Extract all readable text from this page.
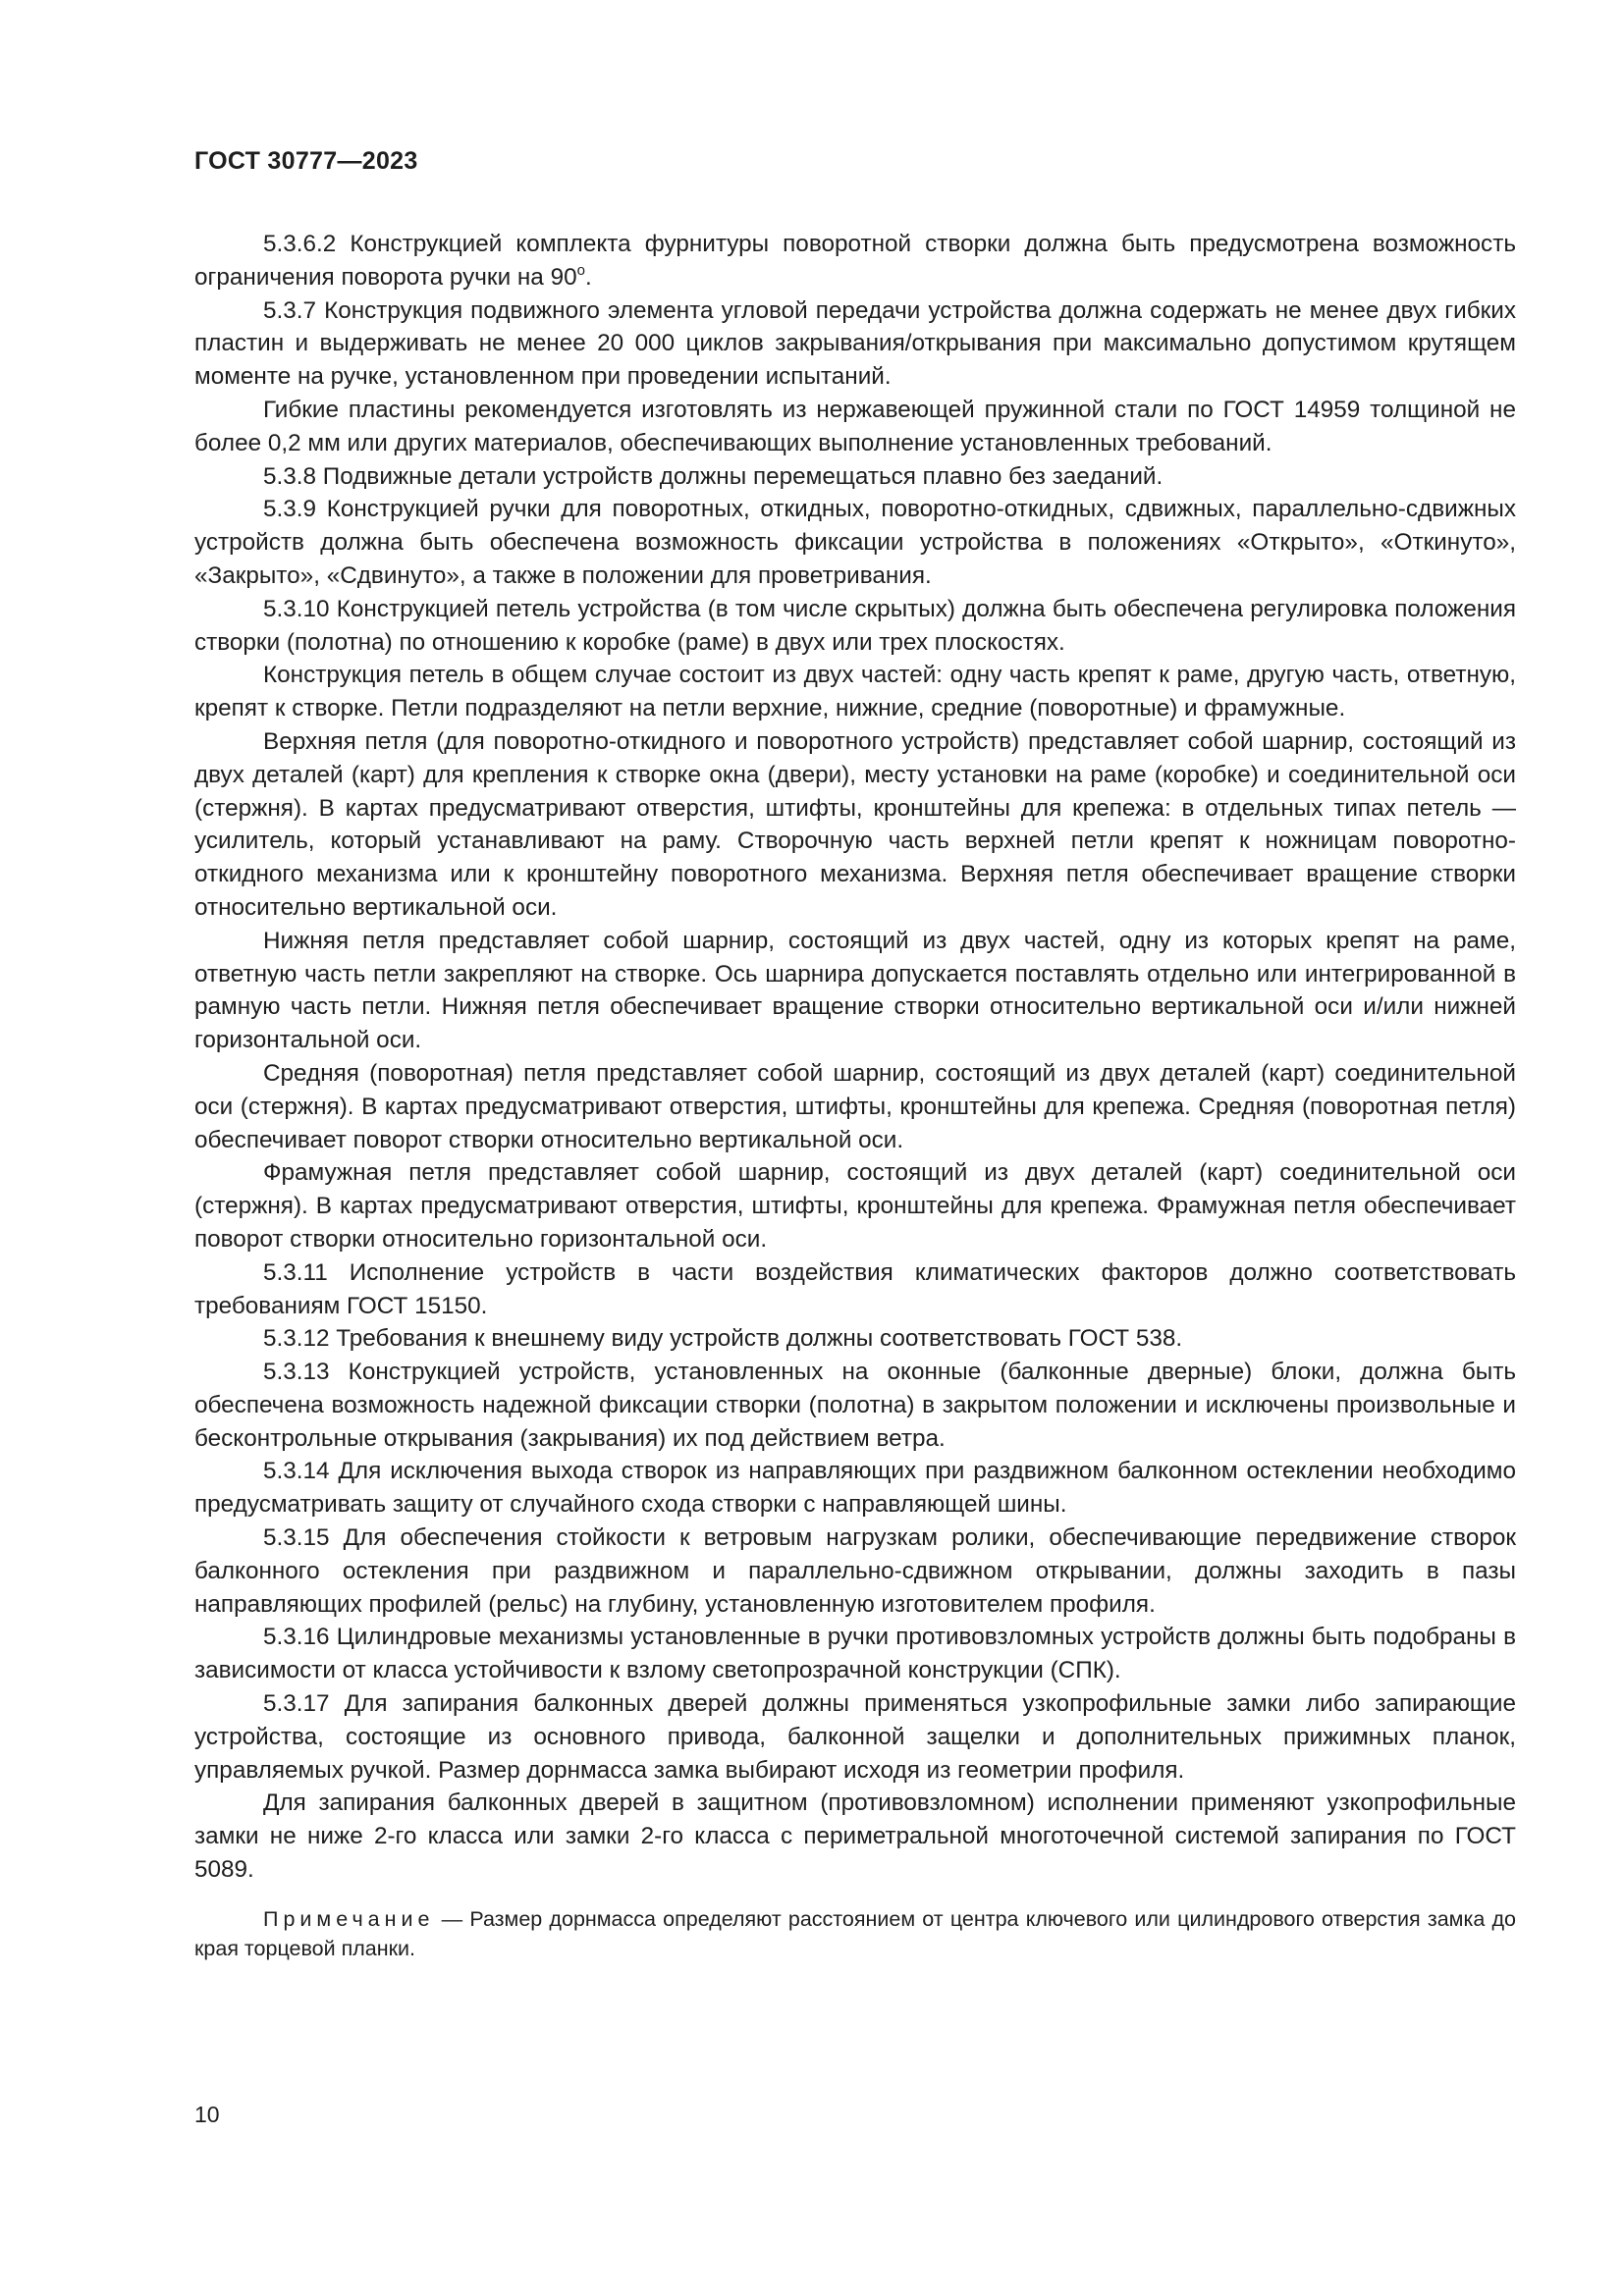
ГОСТ 30777—2023

5.3.6.2 Конструкцией комплекта фурнитуры поворотной створки должна быть предусмотрена возможность ограничения поворота ручки на $90^о$.

5.3.7 Конструкция подвижного элемента угловой передачи устройства должна содержать не менее двух гибких пластин и выдерживать не менее 20 000 циклов закрывания/открывания при максимально допустимом крутящем моменте на ручке, установленном при проведении испытаний.

Гибкие пластины рекомендуется изготовлять из нержавеющей пружинной стали по ГОСТ 14959 толщиной не более 0,2 мм или других материалов, обеспечивающих выполнение установленных требований.

5.3.8 Подвижные детали устройств должны перемещаться плавно без заеданий.

5.3.9 Конструкцией ручки для поворотных, откидных, поворотно-откидных, сдвижных, параллельно-сдвижных устройств должна быть обеспечена возможность фиксации устройства в положениях «Открыто», «Откинуто», «Закрыто», «Сдвинуто», а также в положении для проветривания.

5.3.10 Конструкцией петель устройства (в том числе скрытых) должна быть обеспечена регулировка положения створки (полотна) по отношению к коробке (раме) в двух или трех плоскостях.

Конструкция петель в общем случае состоит из двух частей: одну часть крепят к раме, другую часть, ответную, крепят к створке. Петли подразделяют на петли верхние, нижние, средние (поворотные) и фрамужные.

Верхняя петля (для поворотно-откидного и поворотного устройств) представляет собой шарнир, состоящий из двух деталей (карт) для крепления к створке окна (двери), месту установки на раме (коробке) и соединительной оси (стержня). В картах предусматривают отверстия, штифты, кронштейны для крепежа: в отдельных типах петель — усилитель, который устанавливают на раму. Створочную часть верхней петли крепят к ножницам поворотно-откидного механизма или к кронштейну поворотного механизма. Верхняя петля обеспечивает вращение створки относительно вертикальной оси.

Нижняя петля представляет собой шарнир, состоящий из двух частей, одну из которых крепят на раме, ответную часть петли закрепляют на створке. Ось шарнира допускается поставлять отдельно или интегрированной в рамную часть петли. Нижняя петля обеспечивает вращение створки относительно вертикальной оси и/или нижней горизонтальной оси.

Средняя (поворотная) петля представляет собой шарнир, состоящий из двух деталей (карт) соединительной оси (стержня). В картах предусматривают отверстия, штифты, кронштейны для крепежа. Средняя (поворотная петля) обеспечивает поворот створки относительно вертикальной оси.

Фрамужная петля представляет собой шарнир, состоящий из двух деталей (карт) соединительной оси (стержня). В картах предусматривают отверстия, штифты, кронштейны для крепежа. Фрамужная петля обеспечивает поворот створки относительно горизонтальной оси.

5.3.11 Исполнение устройств в части воздействия климатических факторов должно соответствовать требованиям ГОСТ 15150.

5.3.12 Требования к внешнему виду устройств должны соответствовать ГОСТ 538.

5.3.13 Конструкцией устройств, установленных на оконные (балконные дверные) блоки, должна быть обеспечена возможность надежной фиксации створки (полотна) в закрытом положении и исключены произвольные и бесконтрольные открывания (закрывания) их под действием ветра.

5.3.14 Для исключения выхода створок из направляющих при раздвижном балконном остеклении необходимо предусматривать защиту от случайного схода створки с направляющей шины.

5.3.15 Для обеспечения стойкости к ветровым нагрузкам ролики, обеспечивающие передвижение створок балконного остекления при раздвижном и параллельно-сдвижном открывании, должны заходить в пазы направляющих профилей (рельс) на глубину, установленную изготовителем профиля.

5.3.16 Цилиндровые механизмы установленные в ручки противовзломных устройств должны быть подобраны в зависимости от класса устойчивости к взлому светопрозрачной конструкции (СПК).

5.3.17 Для запирания балконных дверей должны применяться узкопрофильные замки либо запирающие устройства, состоящие из основного привода, балконной защелки и дополнительных прижимных планок, управляемых ручкой. Размер дорнмасса замка выбирают исходя из геометрии профиля.

Для запирания балконных дверей в защитном (противовзломном) исполнении применяют узкопрофильные замки не ниже 2-го класса или замки 2-го класса с периметральной многоточечной системой запирания по ГОСТ 5089.

Примечание — Размер дорнмасса определяют расстоянием от центра ключевого или цилиндрового отверстия замка до края торцевой планки.

10
